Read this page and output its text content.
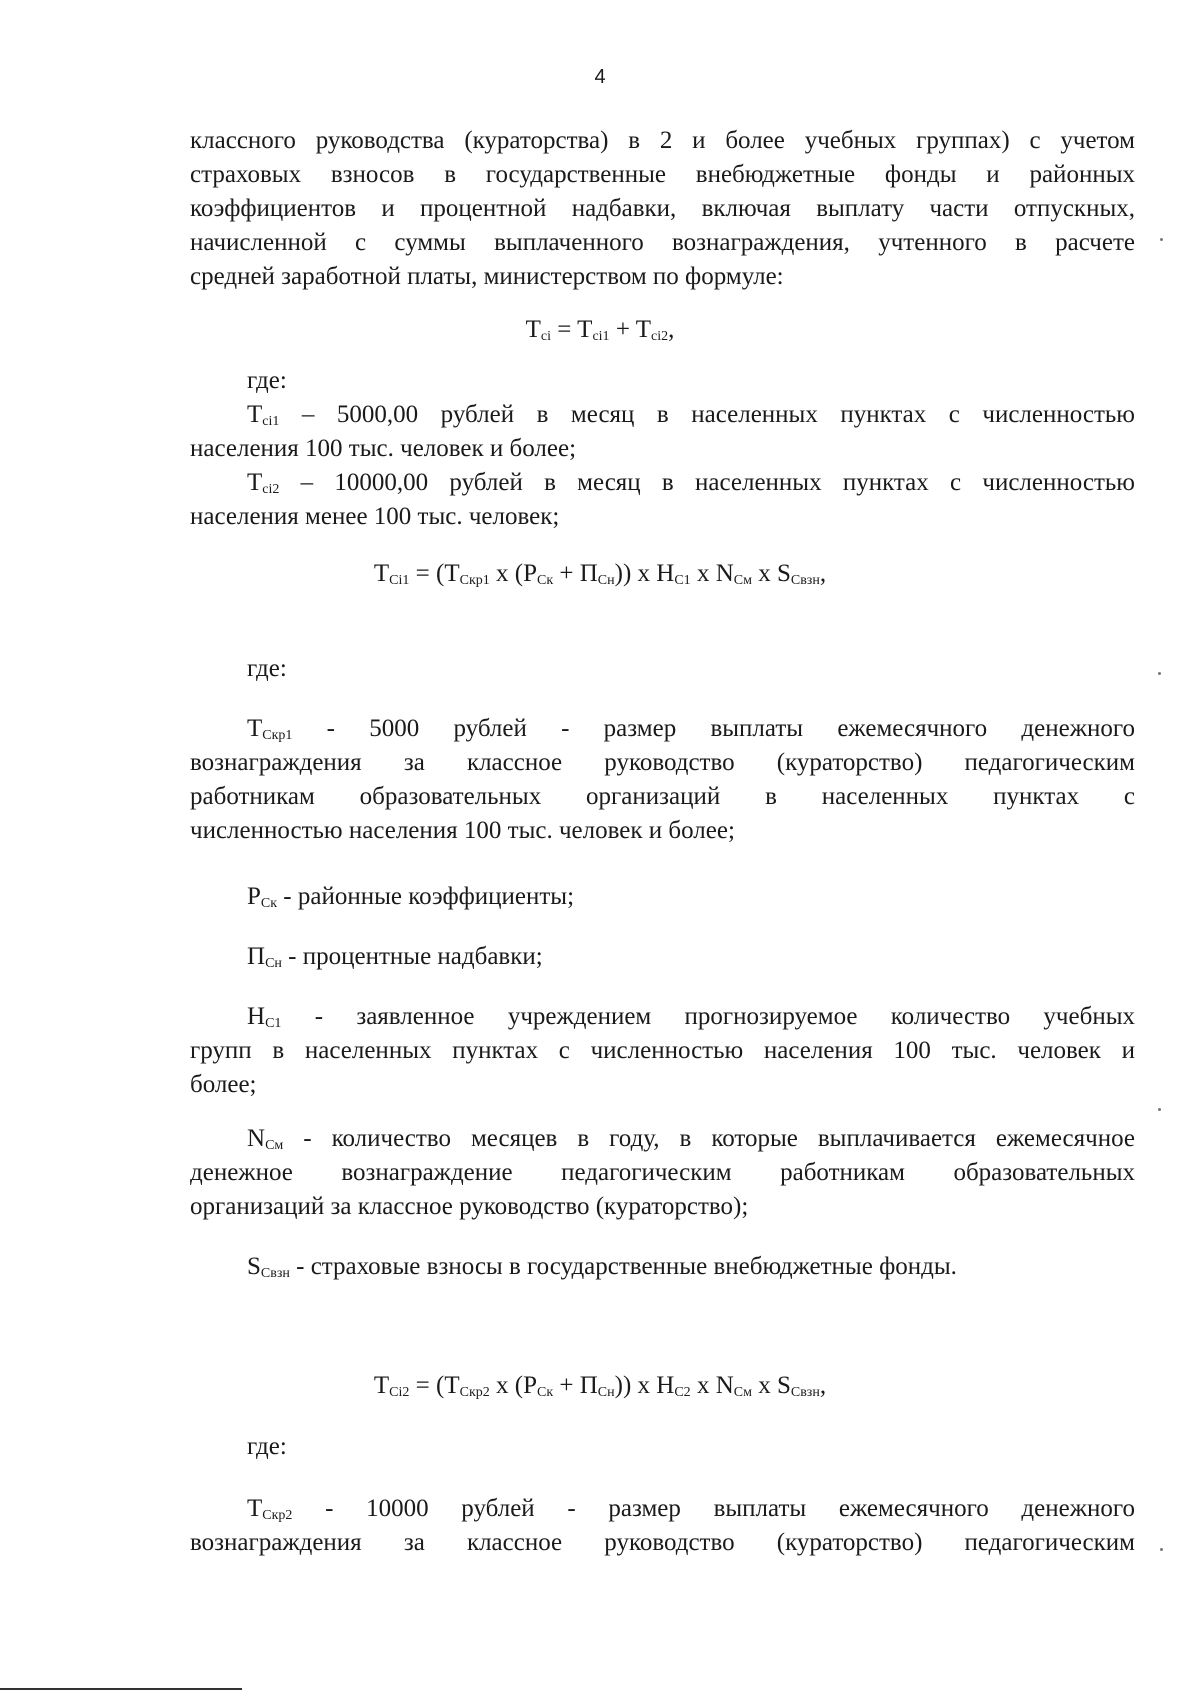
4
классного руководства (кураторства) в 2 и более учебных группах) с учетом
страховых взносов в государственные внебюджетные фонды и районных
коэффициентов и процентной надбавки, включая выплату части отпускных,
начисленной с суммы выплаченного вознаграждения, учтенного в расчете
средней заработной платы, министерством по формуле:
$T_{ci} = T_{ci1} + T_{ci2}$,
где:
$T_{ci1} - 5000,00$ рублей в месяц в населенных пунктах с численностью
населения 100 тыс. человек и более;
$T_{ci2} - 10000,00$ рублей в месяц в населенных пунктах с численностью
населения менее 100 тыс. человек;
$T_{Ci1} = (T_{Скр1}$ x $(P_{Ск} + П_{Сн})$) x $H_{C1}$ x $N_{См}$ x $S_{Свзн}$,
где:
$T_{Скр1} - 5000$ рублей - размер выплаты ежемесячного денежного
вознаграждения за классное руководство (кураторство) педагогическим
работникам образовательных организаций в населенных пунктах с
численностью населения 100 тыс. человек и более;
$P_{Ск}$ - районные коэффициенты;
$П_{Сн}$ - процентные надбавки;
$H_{C1}$ - заявленное учреждением прогнозируемое количество учебных
групп в населенных пунктах с численностью населения 100 тыс. человек и
более;
$N_{См}$ - количество месяцев в году, в которые выплачивается ежемесячное
денежное вознаграждение педагогическим работникам образовательных
организаций за классное руководство (кураторство);
$S_{Свзн}$ - страховые взносы в государственные внебюджетные фонды.
$T_{Ci2} = (T_{Скр2}$ x $(P_{Ск} + П_{Сн})$) x $H_{C2}$ x $N_{См}$ x $S_{Свзн}$,
где:
$T_{Скр2} - 10000$ рублей - размер выплаты ежемесячного денежного
вознаграждения за классное руководство (кураторство) педагогическим
